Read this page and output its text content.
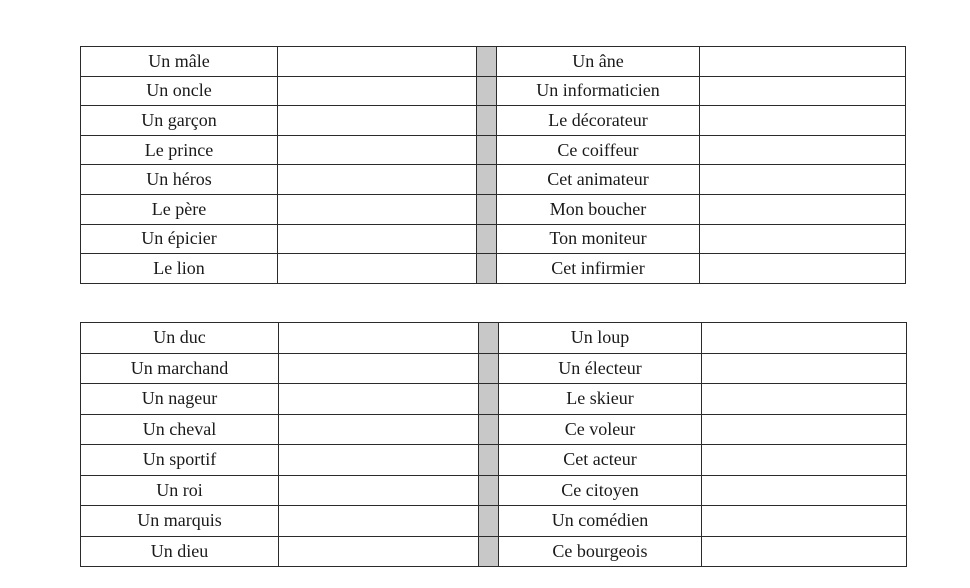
Un mâle			Un âne	
Un oncle			Un informaticien	
Un garçon			Le décorateur	
Le prince			Ce coiffeur	
Un héros			Cet animateur	
Le père			Mon boucher	
Un épicier			Ton moniteur	
Le lion			Cet infirmier	
Un duc			Un loup	
Un marchand			Un électeur	
Un nageur			Le skieur	
Un cheval			Ce voleur	
Un sportif			Cet acteur	
Un roi			Ce citoyen	
Un marquis			Un comédien	
Un dieu			Ce bourgeois	
